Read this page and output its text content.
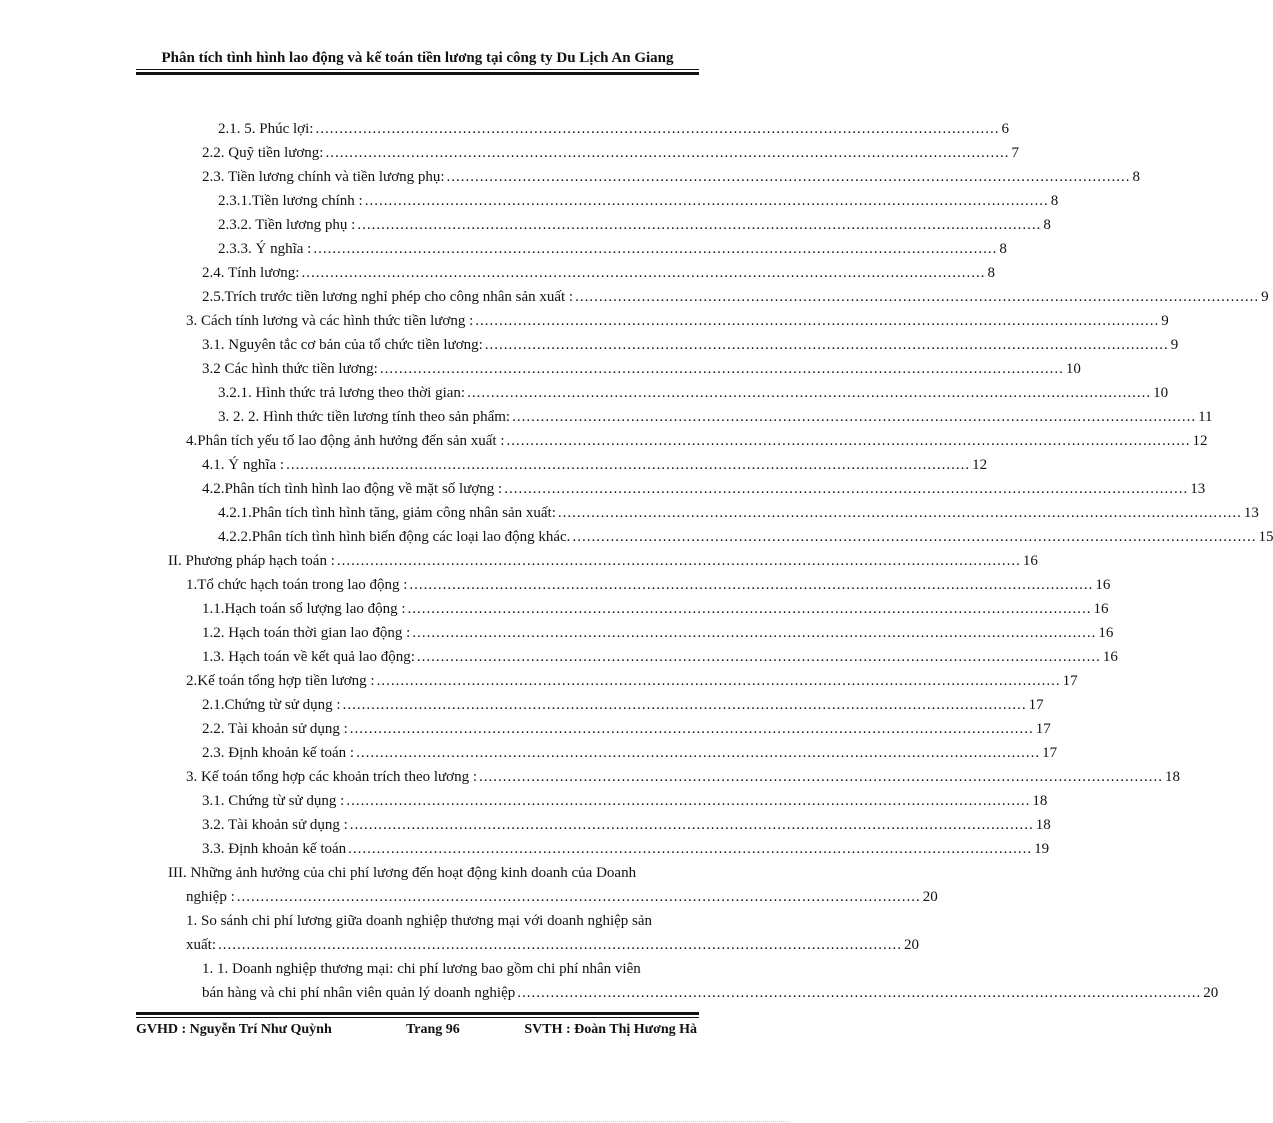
Phân tích tình hình lao động và kế toán tiền lương tại công ty Du Lịch An Giang
2.1. 5. Phúc lợi: ................................................................................................................................................ 6
2.2. Quỹ tiền lương: ................................................................................................................................................ 7
2.3. Tiền lương chính và tiền lương phụ: ................................................................................................................................................ 8
2.3.1.Tiền lương chính : ................................................................................................................................................ 8
2.3.2. Tiền lương phụ : ................................................................................................................................................ 8
2.3.3. Ý nghĩa : ................................................................................................................................................ 8
2.4. Tính lương: ................................................................................................................................................ 8
2.5.Trích trước tiền lương nghỉ phép cho công nhân sản xuất : ................................................................................................................................................ 9
3. Cách tính lương và các hình thức tiền lương : ................................................................................................................................................ 9
3.1. Nguyên tắc cơ bản của tổ chức tiền lương: ................................................................................................................................................ 9
3.2 Các hình thức tiền lương: ................................................................................................................................................ 10
3.2.1. Hình thức trả lương theo thời gian: ................................................................................................................................................ 10
3. 2. 2. Hình thức tiền lương tính theo sản phẩm: ................................................................................................................................................ 11
4.Phân tích yếu tố lao động ảnh hưởng đến sản xuất : ................................................................................................................................................ 12
4.1. Ý nghĩa : ................................................................................................................................................ 12
4.2.Phân tích tình hình lao động về mặt số lượng : ................................................................................................................................................ 13
4.2.1.Phân tích tình hình tăng, giảm công nhân sản xuất: ................................................................................................................................................ 13
4.2.2.Phân tích tình hình biến động các loại lao động khác. ................................................................................................................................................ 15
II. Phương pháp hạch toán : ................................................................................................................................................ 16
1.Tổ chức hạch toán trong lao động : ................................................................................................................................................ 16
1.1.Hạch toán số lượng lao động : ................................................................................................................................................ 16
1.2. Hạch toán thời gian lao động : ................................................................................................................................................ 16
1.3. Hạch toán về kết quả lao động: ................................................................................................................................................ 16
2.Kế toán tổng hợp tiền lương : ................................................................................................................................................ 17
2.1.Chứng từ sử dụng : ................................................................................................................................................ 17
2.2. Tài khoản sử dụng : ................................................................................................................................................ 17
2.3. Định khoản kế toán : ................................................................................................................................................ 17
3. Kế toán tổng hợp các khoản trích theo lương : ................................................................................................................................................ 18
3.1. Chứng từ sử dụng : ................................................................................................................................................ 18
3.2. Tài khoản sử dụng : ................................................................................................................................................ 18
3.3. Định khoản kế toán ................................................................................................................................................ 19
III. Những ảnh hưởng của chi phí lương đến hoạt động kinh doanh của Doanh
nghiệp : ................................................................................................................................................ 20
1. So sánh chi phí lương giữa doanh nghiệp thương mại với doanh nghiệp sản
xuất: ................................................................................................................................................ 20
1. 1. Doanh nghiệp thương mại: chi phí lương bao gồm chi phí nhân viên
bán hàng và chi phí nhân viên quản lý doanh nghiệp ................................................................................................................................................ 20
GVHD : Nguyễn Trí Như Quỳnh	Trang 96	SVTH : Đoàn Thị Hương Hà
